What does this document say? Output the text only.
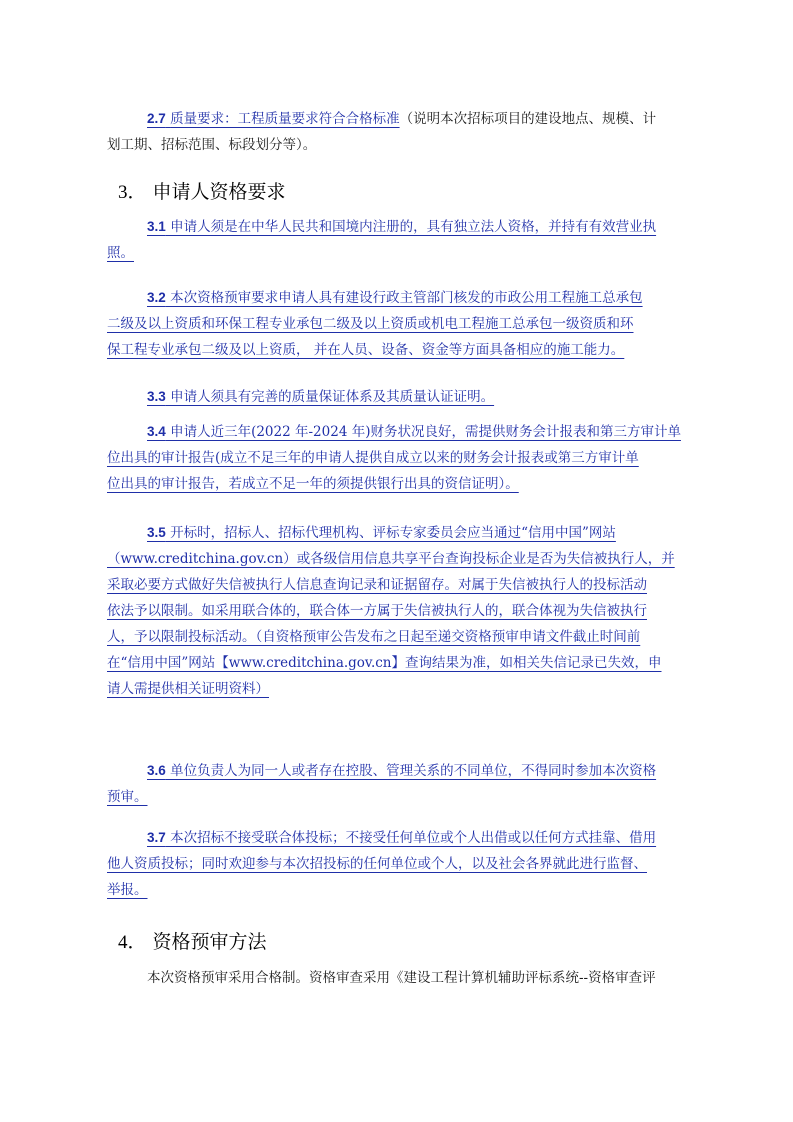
2.7 质量要求：工程质量要求符合合格标准（说明本次招标项目的建设地点、规模、计
划工期、招标范围、标段划分等）。
3． 申请人资格要求
3.1 申请人须是在中华人民共和国境内注册的，具有独立法人资格，并持有有效营业执
照。
3.2 本次资格预审要求申请人具有建设行政主管部门核发的市政公用工程施工总承包
二级及以上资质和环保工程专业承包二级及以上资质或机电工程施工总承包一级资质和环
保工程专业承包二级及以上资质， 并在人员、设备、资金等方面具备相应的施工能力。
3.3 申请人须具有完善的质量保证体系及其质量认证证明。
3.4 申请人近三年(2022 年-2024 年)财务状况良好，需提供财务会计报表和第三方审计单
位出具的审计报告(成立不足三年的申请人提供自成立以来的财务会计报表或第三方审计单
位出具的审计报告，若成立不足一年的须提供银行出具的资信证明）。
3.5 开标时，招标人、招标代理机构、评标专家委员会应当通过“信用中国”网站
（www.creditchina.gov.cn）或各级信用信息共享平台查询投标企业是否为失信被执行人，并
采取必要方式做好失信被执行人信息查询记录和证据留存。对属于失信被执行人的投标活动
依法予以限制。如采用联合体的，联合体一方属于失信被执行人的，联合体视为失信被执行
人，予以限制投标活动。（自资格预审公告发布之日起至递交资格预审申请文件截止时间前
在“信用中国”网站【www.creditchina.gov.cn】查询结果为准，如相关失信记录已失效，申
请人需提供相关证明资料）
3.6 单位负责人为同一人或者存在控股、管理关系的不同单位，不得同时参加本次资格
预审。
3.7 本次招标不接受联合体投标；不接受任何单位或个人出借或以任何方式挂靠、借用
他人资质投标；同时欢迎参与本次招投标的任何单位或个人，以及社会各界就此进行监督、
举报。
4． 资格预审方法
本次资格预审采用合格制。资格审查采用《建设工程计算机辅助评标系统--资格审查评
